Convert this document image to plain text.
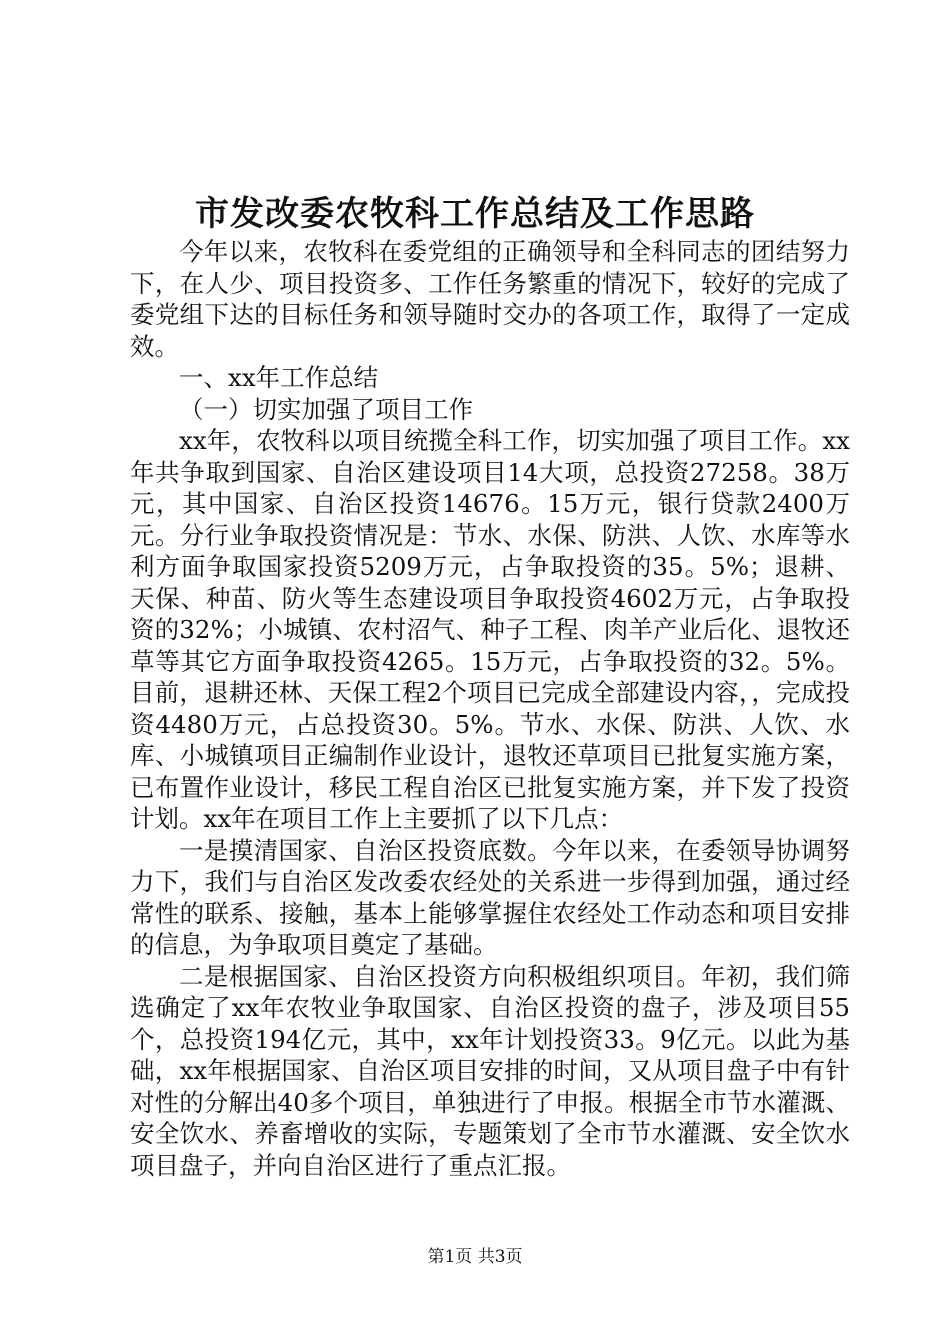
市发改委农牧科工作总结及工作思路

今年以来，农牧科在委党组的正确领导和全科同志的团结努力下，在人少、项目投资多、工作任务繁重的情况下，较好的完成了委党组下达的目标任务和领导随时交办的各项工作，取得了一定成效。

一、xx年工作总结

（一）切实加强了项目工作

xx年，农牧科以项目统揽全科工作，切实加强了项目工作。xx年共争取到国家、自治区建设项目14大项，总投资27258。38万元，其中国家、自治区投资14676。15万元，银行贷款2400万元。分行业争取投资情况是：节水、水保、防洪、人饮、水库等水利方面争取国家投资5209万元，占争取投资的35。5%；退耕、天保、种苗、防火等生态建设项目争取投资4602万元，占争取投资的32%；小城镇、农村沼气、种子工程、肉羊产业后化、退牧还草等其它方面争取投资4265。15万元，占争取投资的32。5%。目前，退耕还林、天保工程2个项目已完成全部建设内容，，完成投资4480万元，占总投资30。5%。节水、水保、防洪、人饮、水库、小城镇项目正编制作业设计，退牧还草项目已批复实施方案，已布置作业设计，移民工程自治区已批复实施方案，并下发了投资计划。xx年在项目工作上主要抓了以下几点：

一是摸清国家、自治区投资底数。今年以来，在委领导协调努力下，我们与自治区发改委农经处的关系进一步得到加强，通过经常性的联系、接触，基本上能够掌握住农经处工作动态和项目安排的信息，为争取项目奠定了基础。

二是根据国家、自治区投资方向积极组织项目。年初，我们筛选确定了xx年农牧业争取国家、自治区投资的盘子，涉及项目55个，总投资194亿元，其中，xx年计划投资33。9亿元。以此为基础，xx年根据国家、自治区项目安排的时间，又从项目盘子中有针对性的分解出40多个项目，单独进行了申报。根据全市节水灌溉、安全饮水、养畜增收的实际，专题策划了全市节水灌溉、安全饮水项目盘子，并向自治区进行了重点汇报。

第1页 共3页
